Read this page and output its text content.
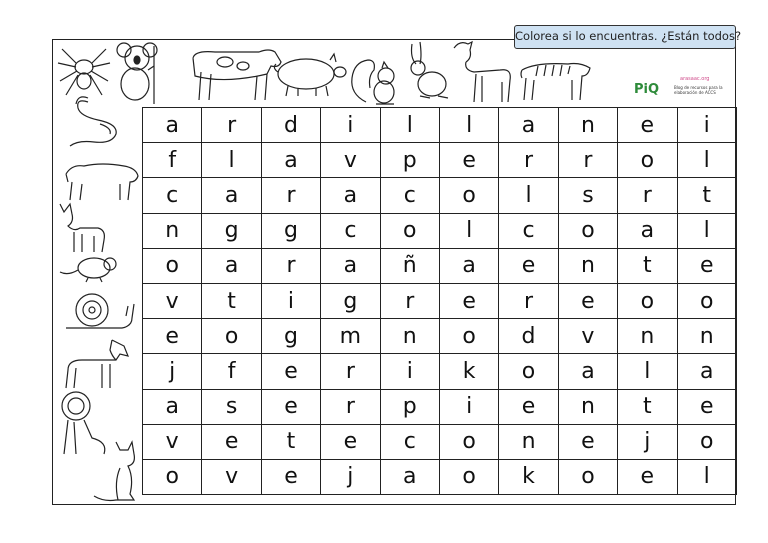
Colorea si lo encuentras. ¿Están todos?
PiQ
arasaac.org
Blog de recursos para la elaboración de ACCS
a	r	d	i	l	l	a	n	e	i
f	l	a	v	p	e	r	r	o	l
c	a	r	a	c	o	l	s	r	t
n	g	g	c	o	l	c	o	a	l
o	a	r	a	ñ	a	e	n	t	e
v	t	i	g	r	e	r	e	o	o
e	o	g	m	n	o	d	v	n	n
j	f	e	r	i	k	o	a	l	a
a	s	e	r	p	i	e	n	t	e
v	e	t	e	c	o	n	e	j	o
o	v	e	j	a	o	k	o	e	l
